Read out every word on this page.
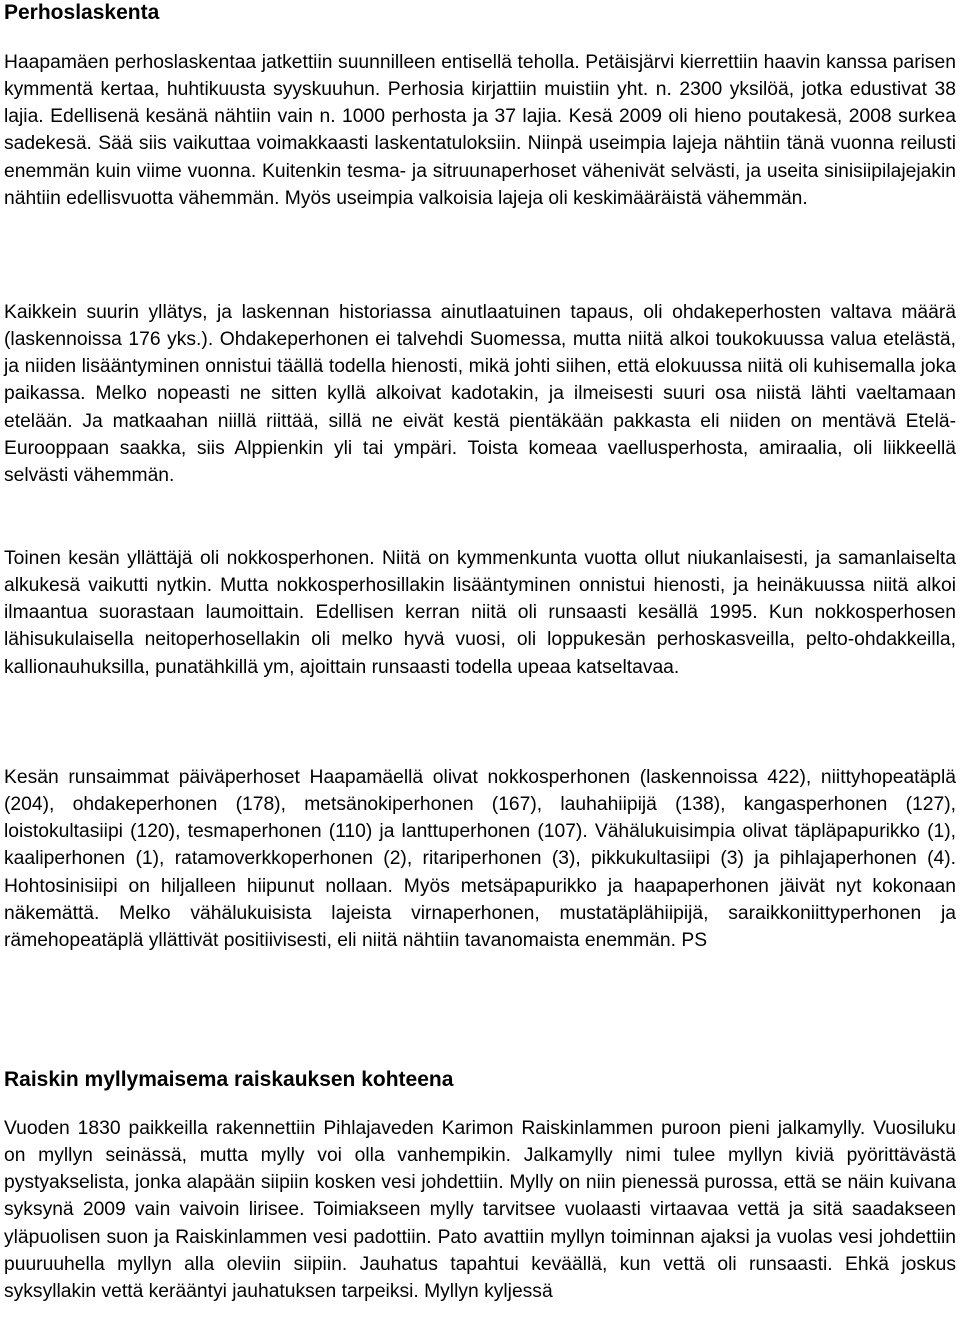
Perhoslaskenta

Haapamäen perhoslaskentaa jatkettiin suunnilleen entisellä teholla. Petäisjärvi kierrettiin haavin kanssa parisen kymmentä kertaa, huhtikuusta syyskuuhun. Perhosia kirjattiin muistiin yht. n. 2300 yksilöä, jotka edustivat 38 lajia. Edellisenä kesänä nähtiin vain n. 1000 perhosta ja 37 lajia. Kesä 2009 oli hieno poutakesä, 2008 surkea sadekesä. Sää siis vaikuttaa voimakkaasti laskentatuloksiin. Niinpä useimpia lajeja nähtiin tänä vuonna reilusti enemmän kuin viime vuonna. Kuitenkin tesma- ja sitruunaperhoset vähenivät selvästi, ja useita sinisiipilajejakin nähtiin edellisvuotta vähemmän. Myös useimpia valkoisia lajeja oli keskimääräistä vähemmän.

Kaikkein suurin yllätys, ja laskennan historiassa ainutlaatuinen tapaus, oli ohdakeperhosten valtava määrä (laskennoissa 176 yks.). Ohdakeperhonen ei talvehdi Suomessa, mutta niitä alkoi toukokuussa valua etelästä, ja niiden lisääntyminen onnistui täällä todella hienosti, mikä johti siihen, että elokuussa niitä oli kuhisemalla joka paikassa. Melko nopeasti ne sitten kyllä alkoivat kadotakin, ja ilmeisesti suuri osa niistä lähti vaeltamaan etelään. Ja matkaahan niillä riittää, sillä ne eivät kestä pientäkään pakkasta eli niiden on mentävä Etelä-Eurooppaan saakka, siis Alppienkin yli tai ympäri. Toista komeaa vaellusperhosta, amiraalia, oli liikkeellä selvästi vähemmän.

Toinen kesän yllättäjä oli nokkosperhonen. Niitä on kymmenkunta vuotta ollut niukanlaisesti, ja samanlaiselta alkukesä vaikutti nytkin. Mutta nokkosperhosillakin lisääntyminen onnistui hienosti, ja heinäkuussa niitä alkoi ilmaantua suorastaan laumoittain. Edellisen kerran niitä oli runsaasti kesällä 1995. Kun nokkosperhosen lähisukulaisella neitoperhosellakin oli melko hyvä vuosi, oli loppukesän perhoskasveilla, pelto-ohdakkeilla, kallionauhuksilla, punatähkillä ym, ajoittain runsaasti todella upeaa katseltavaa.

Kesän runsaimmat päiväperhoset Haapamäellä olivat nokkosperhonen (laskennoissa 422), niittyhopeatäplä (204), ohdakeperhonen (178), metsänokiperhonen (167), lauhahiipijä (138), kangasperhonen (127), loistokultasiipi (120), tesmaperhonen (110) ja lanttuperhonen (107). Vähälukuisimpia olivat täpläpapurikko (1), kaaliperhonen (1), ratamoverkkoperhonen (2), ritariperhonen (3), pikkukultasiipi (3) ja pihlajaperhonen (4). Hohtosinisiipi on hiljalleen hiipunut nollaan. Myös metsäpapurikko ja haapaperhonen jäivät nyt kokonaan näkemättä. Melko vähälukuisista lajeista virnaperhonen, mustatäplähiipijä, saraikkoniittyperhonen ja rämehopeatäplä yllättivät positiivisesti, eli niitä nähtiin tavanomaista enemmän. PS

Raiskin myllymaisema raiskauksen kohteena

Vuoden 1830 paikkeilla rakennettiin Pihlajaveden Karimon Raiskinlammen puroon pieni jalkamylly. Vuosiluku on myllyn seinässä, mutta mylly voi olla vanhempikin. Jalkamylly nimi tulee myllyn kiviä pyörittävästä pystyakselista, jonka alapään siipiin kosken vesi johdettiin. Mylly on niin pienessä purossa, että se näin kuivana syksynä 2009 vain vaivoin lirisee. Toimiakseen mylly tarvitsee vuolaasti virtaavaa vettä ja sitä saadakseen yläpuolisen suon ja Raiskinlammen vesi padottiin. Pato avattiin myllyn toiminnan ajaksi ja vuolas vesi johdettiin puuruuhella myllyn alla oleviin siipiin. Jauhatus tapahtui keväällä, kun vettä oli runsaasti. Ehkä joskus syksyllakin vettä kerääntyi jauhatuksen tarpeiksi. Myllyn kyljessä
